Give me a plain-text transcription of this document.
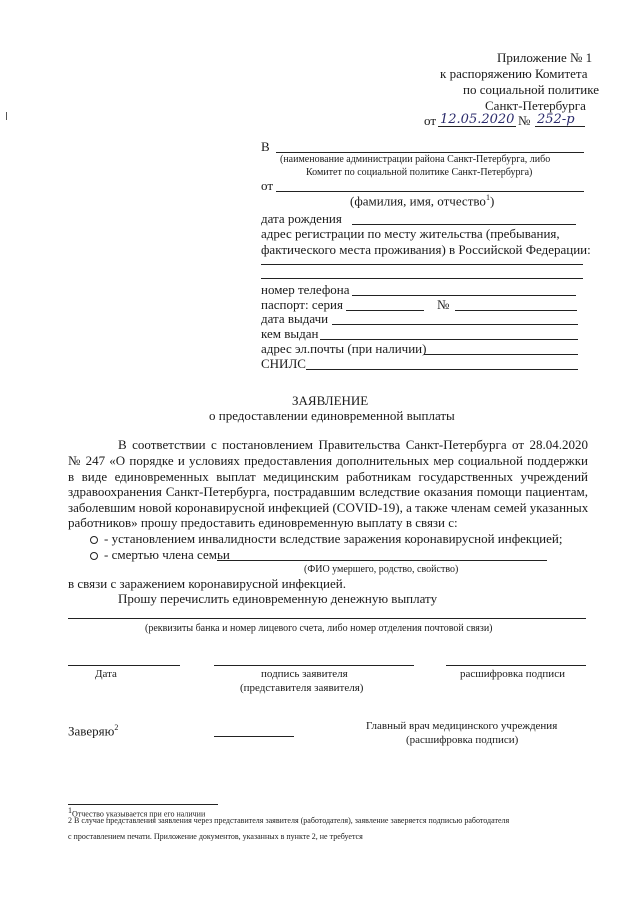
Приложение № 1
к распоряжению Комитета
по социальной политике
Санкт-Петербурга
от 12.05.2020 № 252-р
В
(наименование администрации района Санкт-Петербурга, либо
Комитет по социальной политике Санкт-Петербурга)
от
(фамилия, имя, отчество$^1$)
дата рождения
адрес регистрации по месту жительства (пребывания,
фактического места проживания) в Российской Федерации:
номер телефона
паспорт: серия	№
дата выдачи
кем выдан
адрес эл.почты (при наличии)
СНИЛС
ЗАЯВЛЕНИЕ
о предоставлении единовременной выплаты
В соответствии с постановлением Правительства Санкт-Петербурга от 28.04.2020
№ 247 «О порядке и условиях предоставления дополнительных мер социальной поддержки
в виде единовременных выплат медицинским работникам государственных учреждений
здравоохранения Санкт-Петербурга, пострадавшим вследствие оказания помощи пациентам,
заболевшим новой коронавирусной инфекцией (COVID-19), а также членам семей указанных
работников» прошу предоставить единовременную выплату в связи с:
- установлением инвалидности вследствие заражения коронавирусной инфекцией;
- смертью члена семьи
(ФИО умершего, родство, свойство)
в связи с заражением коронавирусной инфекцией.
Прошу перечислить единовременную денежную выплату
(реквизиты банка и номер лицевого счета, либо номер отделения почтовой связи)
Дата	подпись заявителя
(представителя заявителя)
расшифровка подписи
Заверяю$^2$	Главный врач медицинского учреждения
(расшифровка подписи)
1Отчество указывается при его наличии
2 В случае представления заявления через представителя заявителя (работодателя), заявление заверяется подписью работодателя
с проставлением печати. Приложение документов, указанных в пункте 2, не требуется
